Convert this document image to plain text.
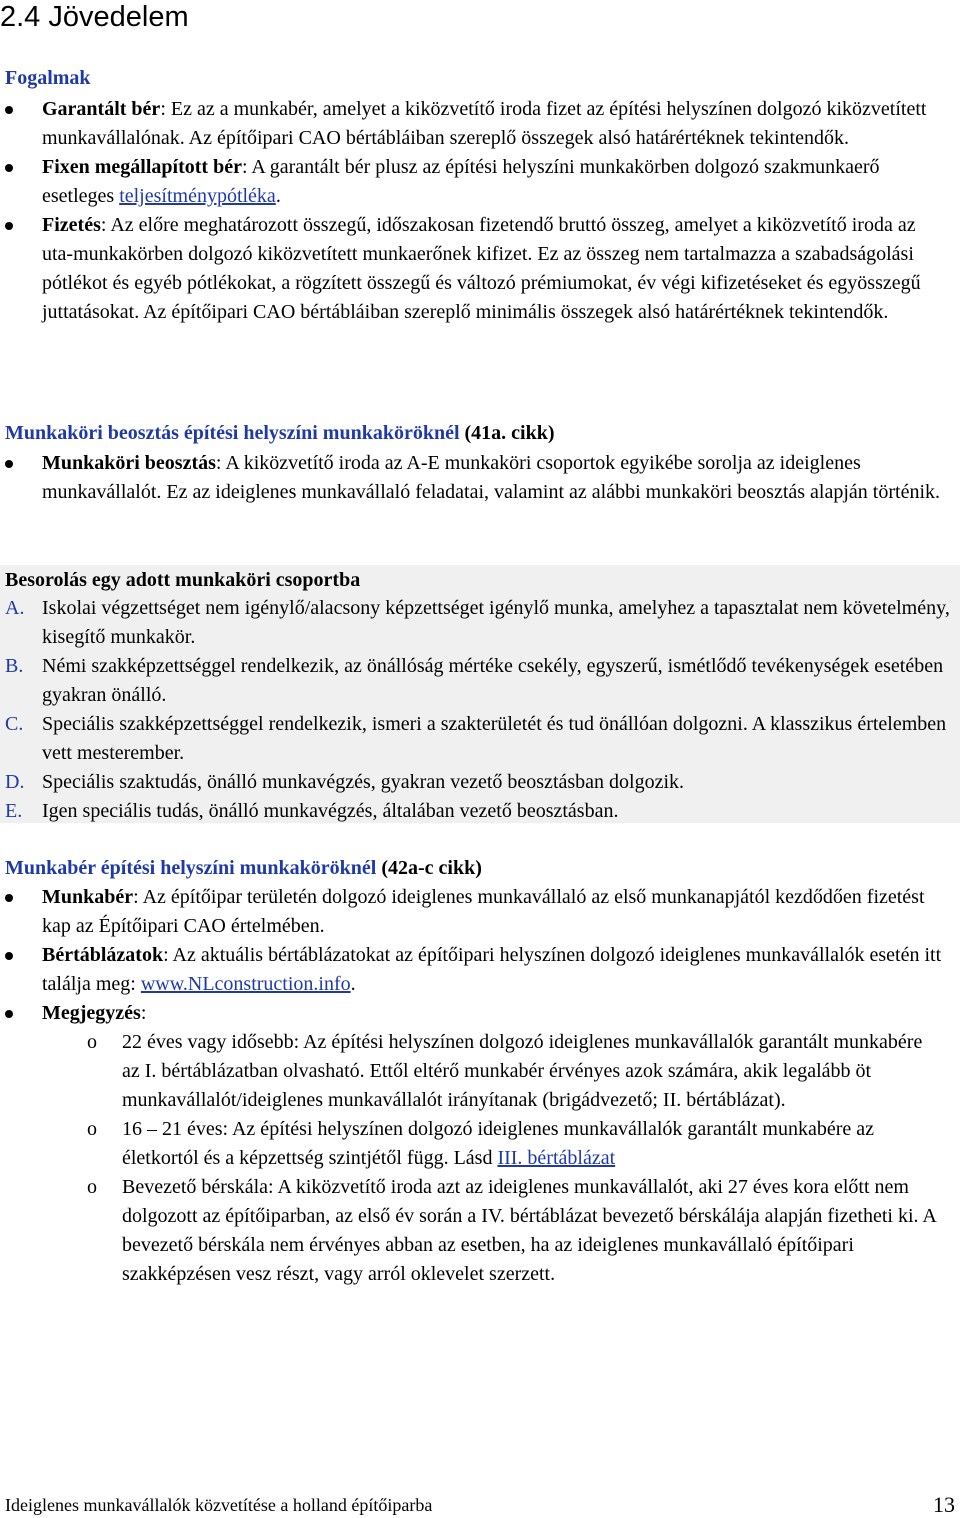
2.4 Jövedelem
Fogalmak
Garantált bér: Ez az a munkabér, amelyet a kiközvetítő iroda fizet az építési helyszínen dolgozó kiközvetített munkavállalónak. Az építőipari CAO bértábláiban szereplő összegek alsó határértéknek tekintendők.
Fixen megállapított bér: A garantált bér plusz az építési helyszíni munkakörben dolgozó szakmunkaerő esetleges teljesítménypótléka.
Fizetés: Az előre meghatározott összegű, időszakosan fizetendő bruttó összeg, amelyet a kiközvetítő iroda az uta-munkakörben dolgozó kiközvetített munkaerőnek kifizet. Ez az összeg nem tartalmazza a szabadságolási pótlékot és egyéb pótlékokat, a rögzített összegű és változó prémiumokat, év végi kifizetéseket és egyösszegű juttatásokat. Az építőipari CAO bértábláiban szereplő minimális összegek alsó határértéknek tekintendők.
Munkaköri beosztás építési helyszíni munkaköröknél (41a. cikk)
Munkaköri beosztás: A kiközvetítő iroda az A-E munkaköri csoportok egyikébe sorolja az ideiglenes munkavállalót. Ez az ideiglenes munkavállaló feladatai, valamint az alábbi munkaköri beosztás alapján történik.
Besorolás egy adott munkaköri csoportba
A. Iskolai végzettséget nem igénylő/alacsony képzettséget igénylő munka, amelyhez a tapasztalat nem követelmény, kisegítő munkakör.
B. Némi szakképzettséggel rendelkezik, az önállóság mértéke csekély, egyszerű, ismétlődő tevékenységek esetében gyakran önálló.
C. Speciális szakképzettséggel rendelkezik, ismeri a szakterületét és tud önállóan dolgozni. A klasszikus értelemben vett mesterember.
D. Speciális szaktudás, önálló munkavégzés, gyakran vezető beosztásban dolgozik.
E. Igen speciális tudás, önálló munkavégzés, általában vezető beosztásban.
Munkabér építési helyszíni munkaköröknél (42a-c cikk)
Munkabér: Az építőipar területén dolgozó ideiglenes munkavállaló az első munkanapjától kezdődően fizetést kap az Építőipari CAO értelmében.
Bértáblázatok: Az aktuális bértáblázatokat az építőipari helyszínen dolgozó ideiglenes munkavállalók esetén itt találja meg: www.NLconstruction.info.
Megjegyzés:
o 22 éves vagy idősebb: Az építési helyszínen dolgozó ideiglenes munkavállalók garantált munkabére az I. bértáblázatban olvasható. Ettől eltérő munkabér érvényes azok számára, akik legalább öt munkavállalót/ideiglenes munkavállalót irányítanak (brigádvezető; II. bértáblázat).
o 16 – 21 éves: Az építési helyszínen dolgozó ideiglenes munkavállalók garantált munkabére az életkortól és a képzettség szintjétől függ. Lásd III. bértáblázat
o Bevezető bérskála: A kiközvetítő iroda azt az ideiglenes munkavállalót, aki 27 éves kora előtt nem dolgozott az építőiparban, az első év során a IV. bértáblázat bevezető bérskálája alapján fizetheti ki. A bevezető bérskála nem érvényes abban az esetben, ha az ideiglenes munkavállaló építőipari szakképzésen vesz részt, vagy arról oklevelet szerzett.
Ideiglenes munkavállalók közvetítése a holland építőiparba	13
